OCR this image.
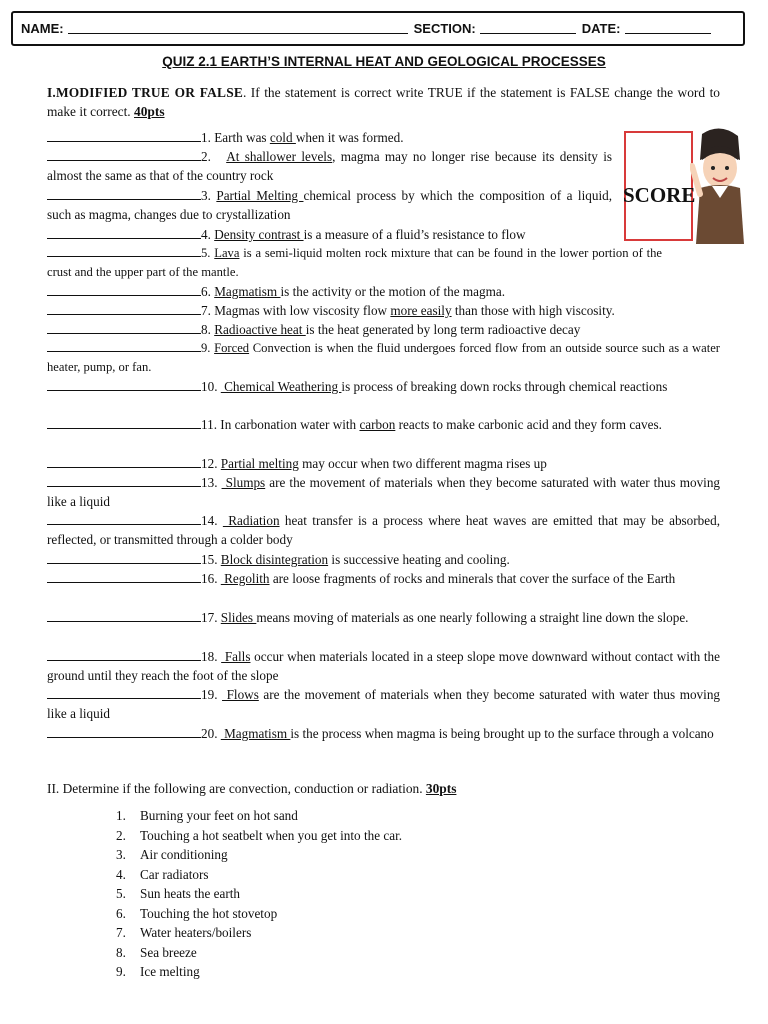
NAME:	SECTION:	DATE:
QUIZ 2.1 EARTH’S INTERNAL HEAT AND GEOLOGICAL PROCESSES
I.MODIFIED TRUE OR FALSE. If the statement is correct write TRUE if the statement is FALSE change the word to make it correct. 40pts
1. Earth was cold when it was formed.
2. At shallower levels, magma may no longer rise because its density is almost the same as that of the country rock
3. Partial Melting chemical process by which the composition of a liquid, such as magma, changes due to crystallization
4. Density contrast is a measure of a fluid’s resistance to flow
5. Lava is a semi-liquid molten rock mixture that can be found in the lower portion of the crust and the upper part of the mantle.
6. Magmatism is the activity or the motion of the magma.
7. Magmas with low viscosity flow more easily than those with high viscosity.
8. Radioactive heat is the heat generated by long term radioactive decay
9. Forced Convection is when the fluid undergoes forced flow from an outside source such as a water heater, pump, or fan.
10.  Chemical Weathering is process of breaking down rocks through chemical reactions
11. In carbonation water with carbon reacts to make carbonic acid and they form caves.
12. Partial melting may occur when two different magma rises up
13.  Slumps are the movement of materials when they become saturated with water thus moving like a liquid
14.  Radiation heat transfer is a process where heat waves are emitted that may be absorbed, reflected, or transmitted through a colder body
15. Block disintegration is successive heating and cooling.
16.  Regolith are loose fragments of rocks and minerals that cover the surface of the Earth
17. Slides means moving of materials as one nearly following a straight line down the slope.
18.  Falls occur when materials located in a steep slope move downward without contact with the ground until they reach the foot of the slope
19.  Flows are the movement of materials when they become saturated with water thus moving like a liquid
20.  Magmatism is the process when magma is being brought up to the surface through a volcano
SCORE
II. Determine if the following are convection, conduction or radiation. 30pts
1.	Burning your feet on hot sand
2.	Touching a hot seatbelt when you get into the car.
3.	Air conditioning
4.	Car radiators
5.	Sun heats the earth
6.	Touching the hot stovetop
7.	Water heaters/boilers
8.	Sea breeze
9.	Ice melting
